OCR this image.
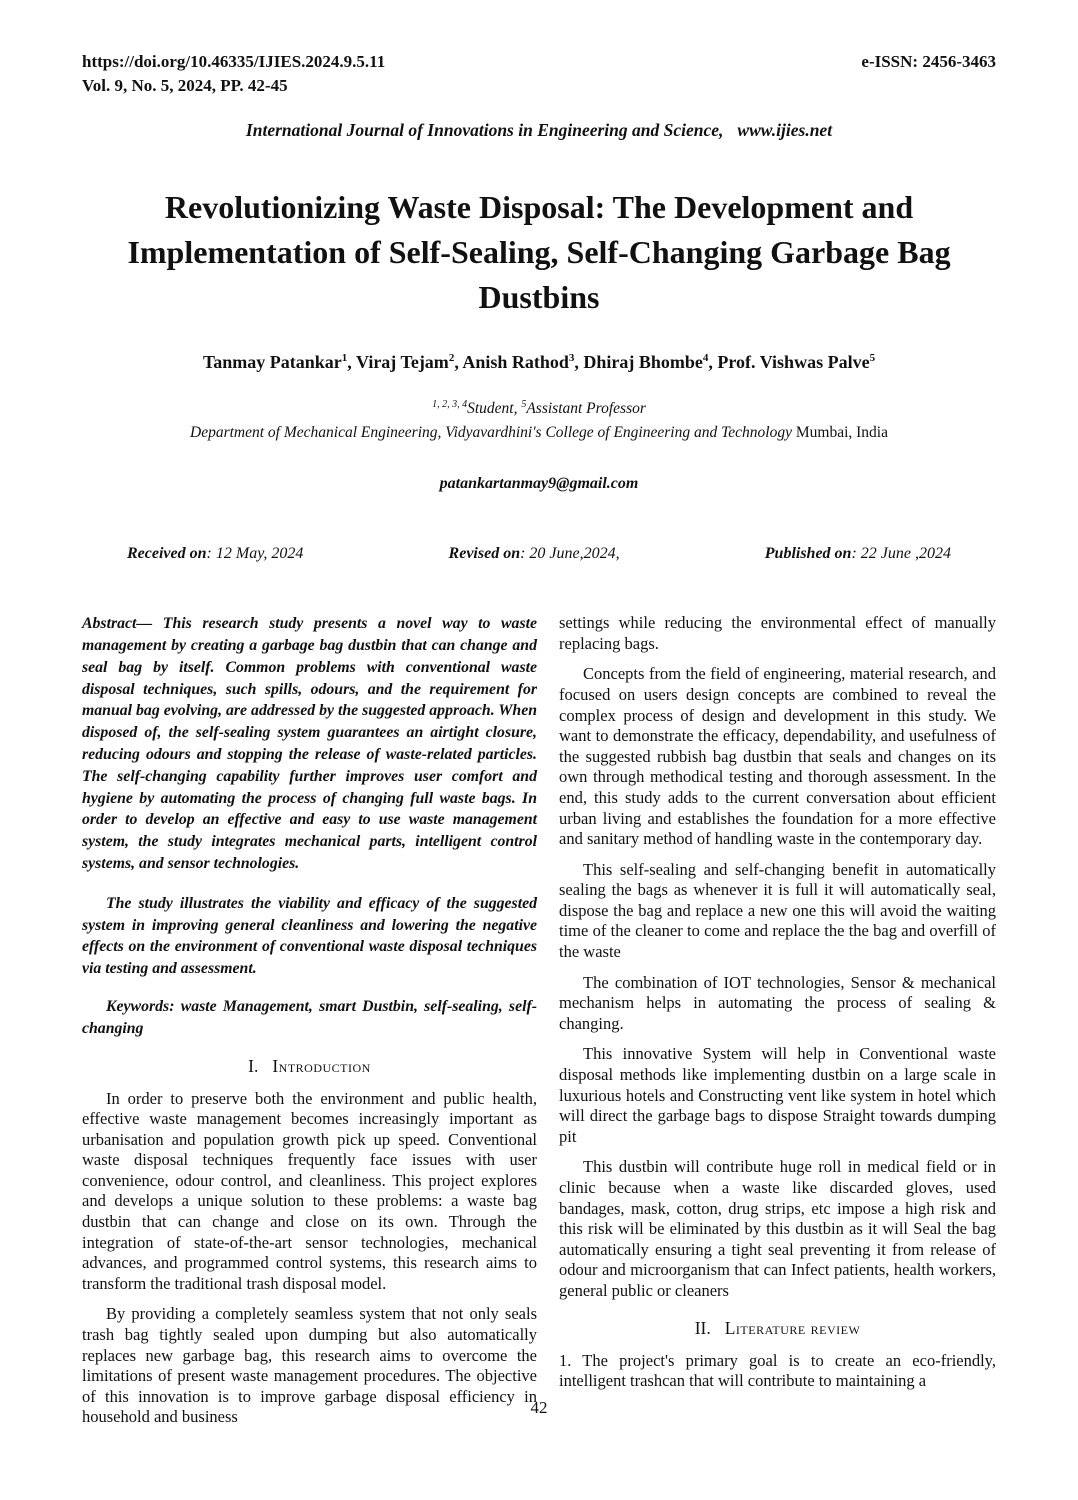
https://doi.org/10.46335/IJIES.2024.9.5.11
Vol. 9, No. 5, 2024, PP. 42-45
e-ISSN: 2456-3463
International Journal of Innovations in Engineering and Science, www.ijies.net
Revolutionizing Waste Disposal: The Development and Implementation of Self-Sealing, Self-Changing Garbage Bag Dustbins
Tanmay Patankar$^1$, Viraj Tejam$^2$, Anish Rathod$^3$, Dhiraj Bhombe$^4$, Prof. Vishwas Palve$^5$
$^{1, 2, 3, 4}$Student, $^5$Assistant Professor
Department of Mechanical Engineering, Vidyavardhini's College of Engineering and Technology Mumbai, India
patankartanmay9@gmail.com
Received on: 12 May, 2024	Revised on: 20 June,2024,	Published on: 22 June ,2024

Abstract— This research study presents a novel way to waste management by creating a garbage bag dustbin that can change and seal bag by itself. Common problems with conventional waste disposal techniques, such spills, odours, and the requirement for manual bag evolving, are addressed by the suggested approach. When disposed of, the self-sealing system guarantees an airtight closure, reducing odours and stopping the release of waste-related particles. The self-changing capability further improves user comfort and hygiene by automating the process of changing full waste bags. In order to develop an effective and easy to use waste management system, the study integrates mechanical parts, intelligent control systems, and sensor technologies.

The study illustrates the viability and efficacy of the suggested system in improving general cleanliness and lowering the negative effects on the environment of conventional waste disposal techniques via testing and assessment.

Keywords: waste Management, smart Dustbin, self-sealing, self-changing

I. Introduction

In order to preserve both the environment and public health, effective waste management becomes increasingly important as urbanisation and population growth pick up speed. Conventional waste disposal techniques frequently face issues with user convenience, odour control, and cleanliness. This project explores and develops a unique solution to these problems: a waste bag dustbin that can change and close on its own. Through the integration of state-of-the-art sensor technologies, mechanical advances, and programmed control systems, this research aims to transform the traditional trash disposal model.

By providing a completely seamless system that not only seals trash bag tightly sealed upon dumping but also automatically replaces new garbage bag, this research aims to overcome the limitations of present waste management procedures. The objective of this innovation is to improve garbage disposal efficiency in household and business

settings while reducing the environmental effect of manually replacing bags.

Concepts from the field of engineering, material research, and focused on users design concepts are combined to reveal the complex process of design and development in this study. We want to demonstrate the efficacy, dependability, and usefulness of the suggested rubbish bag dustbin that seals and changes on its own through methodical testing and thorough assessment. In the end, this study adds to the current conversation about efficient urban living and establishes the foundation for a more effective and sanitary method of handling waste in the contemporary day.

This self-sealing and self-changing benefit in automatically sealing the bags as whenever it is full it will automatically seal, dispose the bag and replace a new one this will avoid the waiting time of the cleaner to come and replace the the bag and overfill of the waste

The combination of IOT technologies, Sensor & mechanical mechanism helps in automating the process of sealing & changing.

This innovative System will help in Conventional waste disposal methods like implementing dustbin on a large scale in luxurious hotels and Constructing vent like system in hotel which will direct the garbage bags to dispose Straight towards dumping pit

This dustbin will contribute huge roll in medical field or in clinic because when a waste like discarded gloves, used bandages, mask, cotton, drug strips, etc impose a high risk and this risk will be eliminated by this dustbin as it will Seal the bag automatically ensuring a tight seal preventing it from release of odour and microorganism that can Infect patients, health workers, general public or cleaners

II. Literature review

1. The project's primary goal is to create an eco-friendly, intelligent trashcan that will contribute to maintaining a

42
